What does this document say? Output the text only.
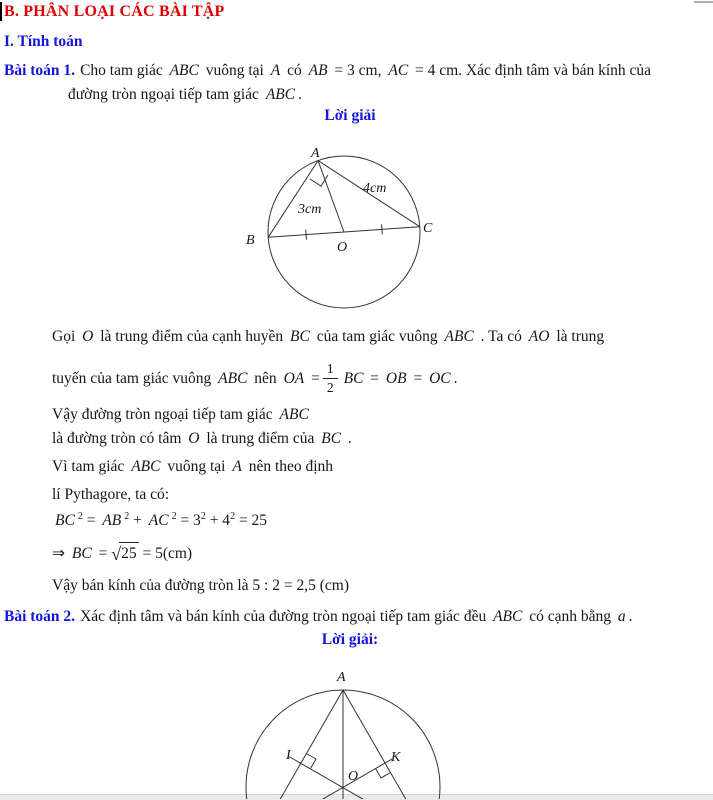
B. PHÂN LOẠI CÁC BÀI TẬP
I. Tính toán
Bài toán 1. Cho tam giác ABC vuông tại A có AB = 3 cm, AC = 4 cm. Xác định tâm và bán kính của
đường tròn ngoại tiếp tam giác ABC .
Lời giải
A
B
C
O
3cm
4cm
Gọi O là trung điểm của cạnh huyền BC của tam giác vuông ABC . Ta có AO là trung
tuyến của tam giác vuông ABC nên OA = $\frac{1}{2}$ BC = OB = OC .
Vậy đường tròn ngoại tiếp tam giác ABC
là đường tròn có tâm O là trung điểm của BC .
Vì tam giác ABC vuông tại A nên theo định
lí Pythagore, ta có:
BC $^2$ = AB $^2$ + AC $^2 = 3^2 + 4^2 = 25$
⇒ BC = √25 = 5(cm)
Vậy bán kính của đường tròn là 5 : 2 = 2,5 (cm)
Bài toán 2. Xác định tâm và bán kính của đường tròn ngoại tiếp tam giác đều ABC có cạnh bằng a .
Lời giải:
A
I	K
O
